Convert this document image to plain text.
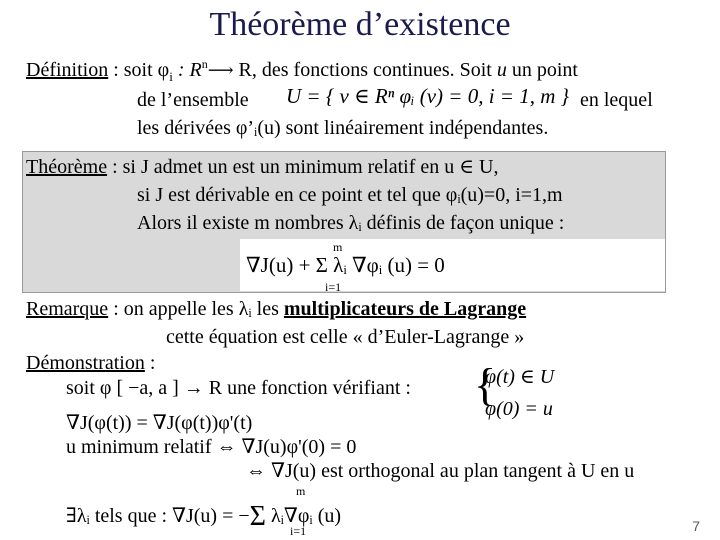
Théorème d’existence
Définition : soit $\varphi_i$ : $R^n⟶$ R, des fonctions continues. Soit u un point
de l’ensemble U = { v ∈ Rⁿ φᵢ (v) = 0, i = 1, m } en lequel
les dérivées φ’ᵢ(u) sont linéairement indépendantes.
Théorème : si J admet un est un minimum relatif en u ∈ U,
si J est dérivable en ce point et tel que φᵢ(u)=0, i=1,m
Alors il existe m nombres λᵢ définis de façon unique :
m
i=1
∇J(u) + Σ λᵢ ∇φᵢ (u) = 0
Remarque : on appelle les λᵢ les multiplicateurs de Lagrange
cette équation est celle « d’Euler-Lagrange »
Démonstration :
soit φ [ −a, a ] → R une fonction vérifiant : {
φ(t) ∈ U
φ(0) = u
∇J(φ(t)) = ∇J(φ(t))φ'(t)
u minimum relatif ⇔ ∇J(u)φ'(0) = 0
⇔ ∇J(u) est orthogonal au plan tangent à U en u
m
i=1
∃λᵢ tels que : ∇J(u) = −Σ λᵢ∇φᵢ (u)	7
